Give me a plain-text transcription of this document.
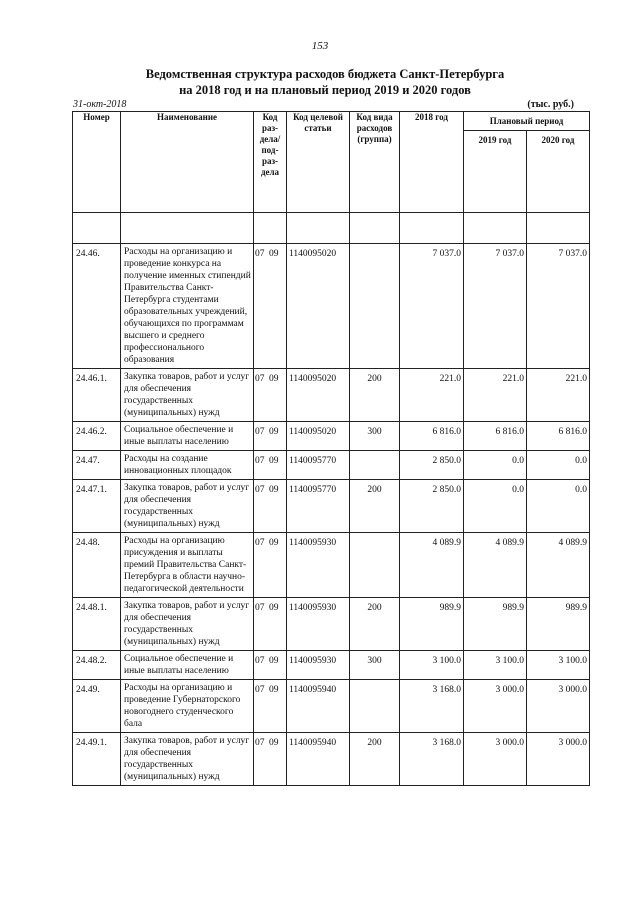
153
Ведомственная структура расходов бюджета Санкт-Петербурга
на 2018 год и на плановый период 2019 и 2020 годов
31-окт-2018	(тыс. руб.)
Номер	Наименование	Код раз-дела/ под-раз-дела	Код целевой статьи	Код вида расходов (группа)	2018 год	Плановый период	
						2019 год	2020 год

24.46.	Расходы на организацию и проведение конкурса на получение именных стипендий Правительства Санкт-Петербурга студентами образовательных учреждений, обучающихся по программам высшего и среднего профессионального образования	07 09	1140095020		7 037.0	7 037.0	7 037.0
24.46.1.	Закупка товаров, работ и услуг для обеспечения государственных (муниципальных) нужд	07 09	1140095020	200	221.0	221.0	221.0
24.46.2.	Социальное обеспечение и иные выплаты населению	07 09	1140095020	300	6 816.0	6 816.0	6 816.0
24.47.	Расходы на создание инновационных площадок	07 09	1140095770		2 850.0	0.0	0.0
24.47.1.	Закупка товаров, работ и услуг для обеспечения государственных (муниципальных) нужд	07 09	1140095770	200	2 850.0	0.0	0.0
24.48.	Расходы на организацию присуждения и выплаты премий Правительства Санкт-Петербурга в области научно-педагогической деятельности	07 09	1140095930		4 089.9	4 089.9	4 089.9
24.48.1.	Закупка товаров, работ и услуг для обеспечения государственных (муниципальных) нужд	07 09	1140095930	200	989.9	989.9	989.9
24.48.2.	Социальное обеспечение и иные выплаты населению	07 09	1140095930	300	3 100.0	3 100.0	3 100.0
24.49.	Расходы на организацию и проведение Губернаторского новогоднего студенческого бала	07 09	1140095940		3 168.0	3 000.0	3 000.0
24.49.1.	Закупка товаров, работ и услуг для обеспечения государственных (муниципальных) нужд	07 09	1140095940	200	3 168.0	3 000.0	3 000.0
